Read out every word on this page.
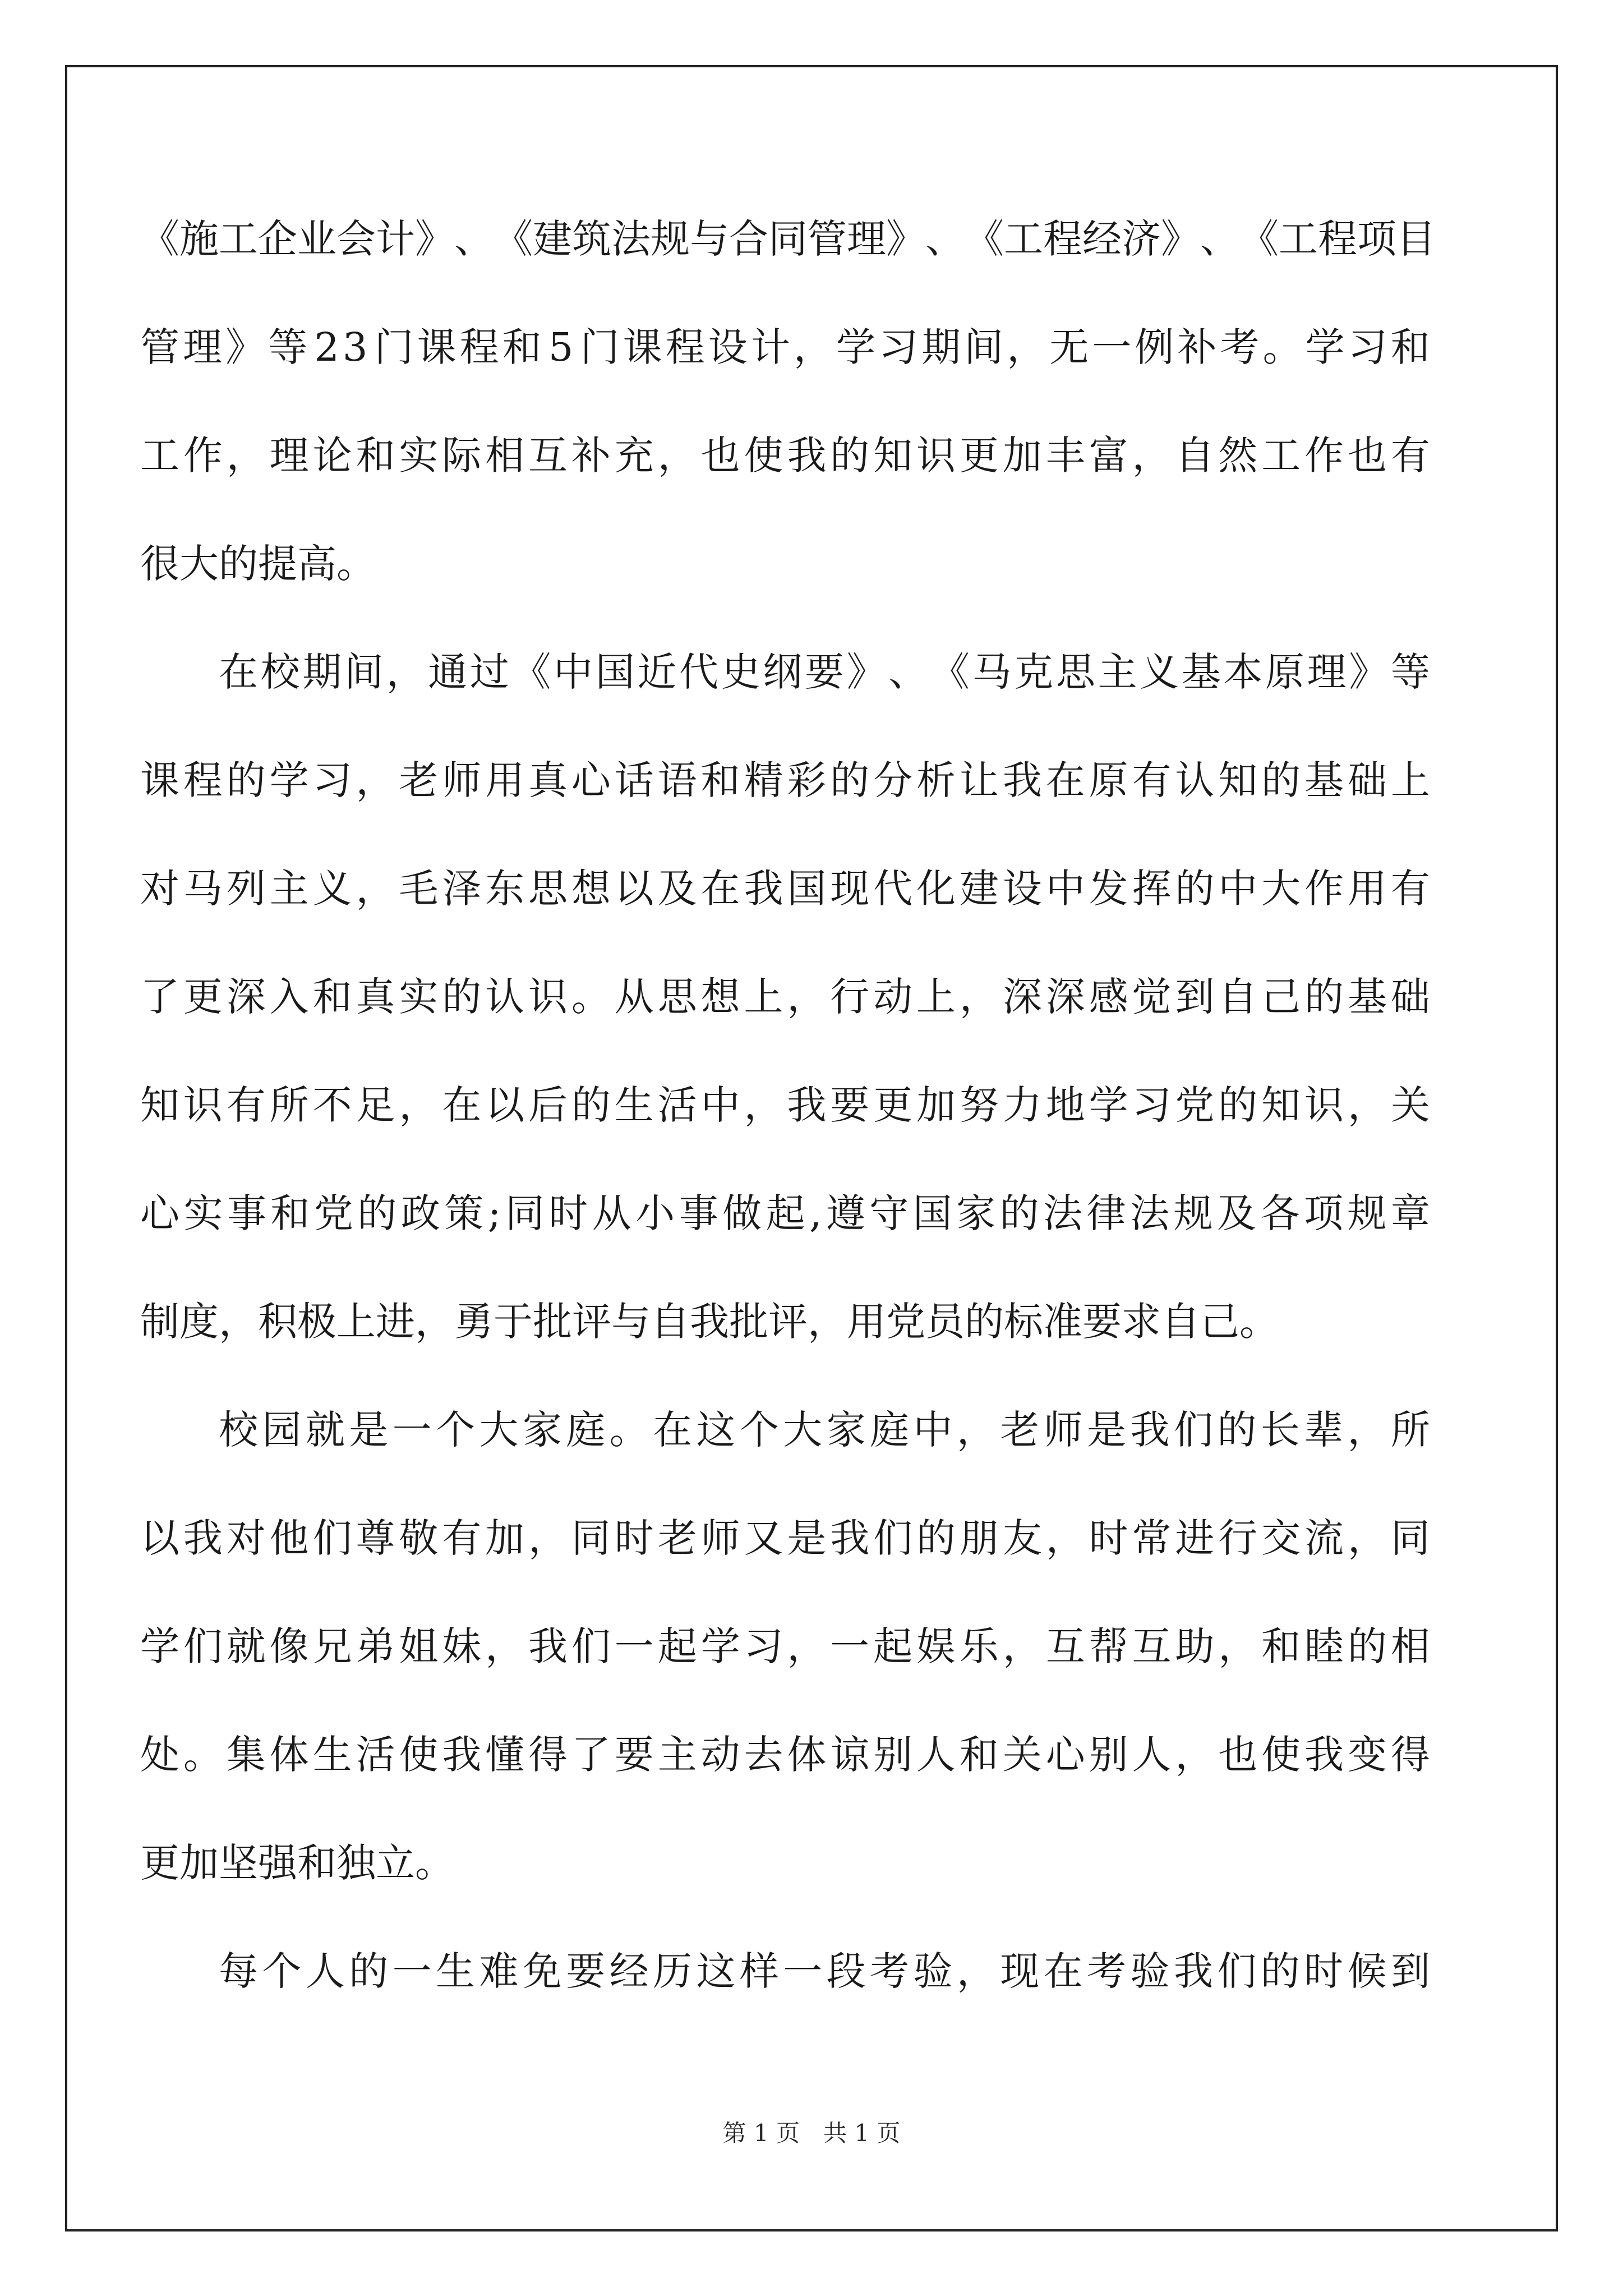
《 施 工 企 业 会 计 》 、 《 建 筑 法 规 与 合 同 管 理 》 、 《 工 程 经 济 》 、 《 工 程 项 目
管 理 》 等 2 3 门 课 程 和 5 门 课 程 设 计 ， 学 习 期 间 ， 无 一 例 补 考 。 学 习 和
工 作 ， 理 论 和 实 际 相 互 补 充 ， 也 使 我 的 知 识 更 加 丰 富 ， 自 然 工 作 也 有
很大的提高。
在 校 期 间 ， 通 过 《 中 国 近 代 史 纲 要 》 、 《 马 克 思 主 义 基 本 原 理 》 等
课 程 的 学 习 ， 老 师 用 真 心 话 语 和 精 彩 的 分 析 让 我 在 原 有 认 知 的 基 础 上
对 马 列 主 义 ， 毛 泽 东 思 想 以 及 在 我 国 现 代 化 建 设 中 发 挥 的 中 大 作 用 有
了 更 深 入 和 真 实 的 认 识 。 从 思 想 上 ， 行 动 上 ， 深 深 感 觉 到 自 己 的 基 础
知 识 有 所 不 足 ， 在 以 后 的 生 活 中 ， 我 要 更 加 努 力 地 学 习 党 的 知 识 ， 关
心 实 事 和 党 的 政 策 ; 同 时 从 小 事 做 起 , 遵 守 国 家 的 法 律 法 规 及 各 项 规 章
制度，积极上进，勇于批评与自我批评，用党员的标准要求自己。
校 园 就 是 一 个 大 家 庭 。 在 这 个 大 家 庭 中 ， 老 师 是 我 们 的 长 辈 ， 所
以 我 对 他 们 尊 敬 有 加 ， 同 时 老 师 又 是 我 们 的 朋 友 ， 时 常 进 行 交 流 ， 同
学 们 就 像 兄 弟 姐 妹 ， 我 们 一 起 学 习 ， 一 起 娱 乐 ， 互 帮 互 助 ， 和 睦 的 相
处 。 集 体 生 活 使 我 懂 得 了 要 主 动 去 体 谅 别 人 和 关 心 别 人 ， 也 使 我 变 得
更加坚强和独立。
每 个 人 的 一 生 难 免 要 经 历 这 样 一 段 考 验 ， 现 在 考 验 我 们 的 时 候 到
第 1 页　共 1 页
